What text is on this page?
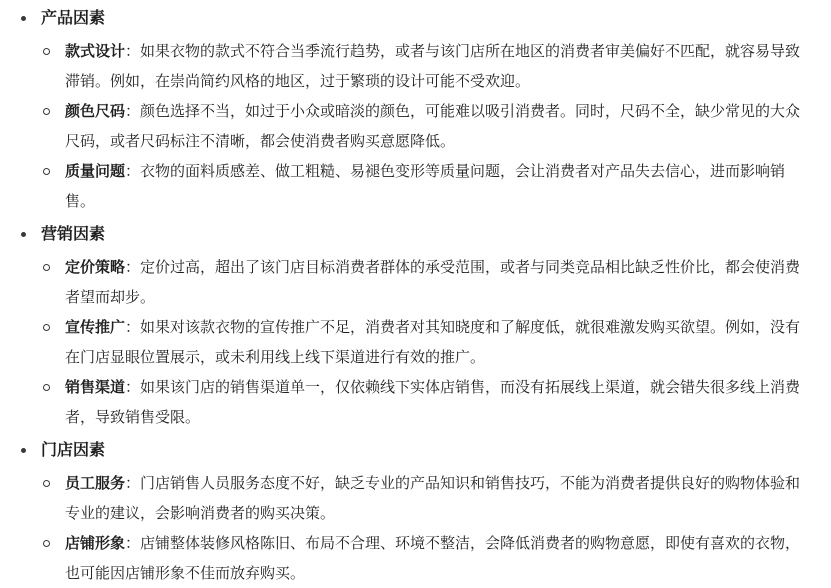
产品因素
款式设计：如果衣物的款式不符合当季流行趋势，或者与该门店所在地区的消费者审美偏好不匹配，就容易导致滞销。例如，在崇尚简约风格的地区，过于繁琐的设计可能不受欢迎。
颜色尺码：颜色选择不当，如过于小众或暗淡的颜色，可能难以吸引消费者。同时，尺码不全，缺少常见的大众尺码，或者尺码标注不清晰，都会使消费者购买意愿降低。
质量问题：衣物的面料质感差、做工粗糙、易褪色变形等质量问题，会让消费者对产品失去信心，进而影响销售。
营销因素
定价策略：定价过高，超出了该门店目标消费者群体的承受范围，或者与同类竞品相比缺乏性价比，都会使消费者望而却步。
宣传推广：如果对该款衣物的宣传推广不足，消费者对其知晓度和了解度低，就很难激发购买欲望。例如，没有在门店显眼位置展示，或未利用线上线下渠道进行有效的推广。
销售渠道：如果该门店的销售渠道单一，仅依赖线下实体店销售，而没有拓展线上渠道，就会错失很多线上消费者，导致销售受限。
门店因素
员工服务：门店销售人员服务态度不好，缺乏专业的产品知识和销售技巧，不能为消费者提供良好的购物体验和专业的建议，会影响消费者的购买决策。
店铺形象：店铺整体装修风格陈旧、布局不合理、环境不整洁，会降低消费者的购物意愿，即使有喜欢的衣物，也可能因店铺形象不佳而放弃购买。
